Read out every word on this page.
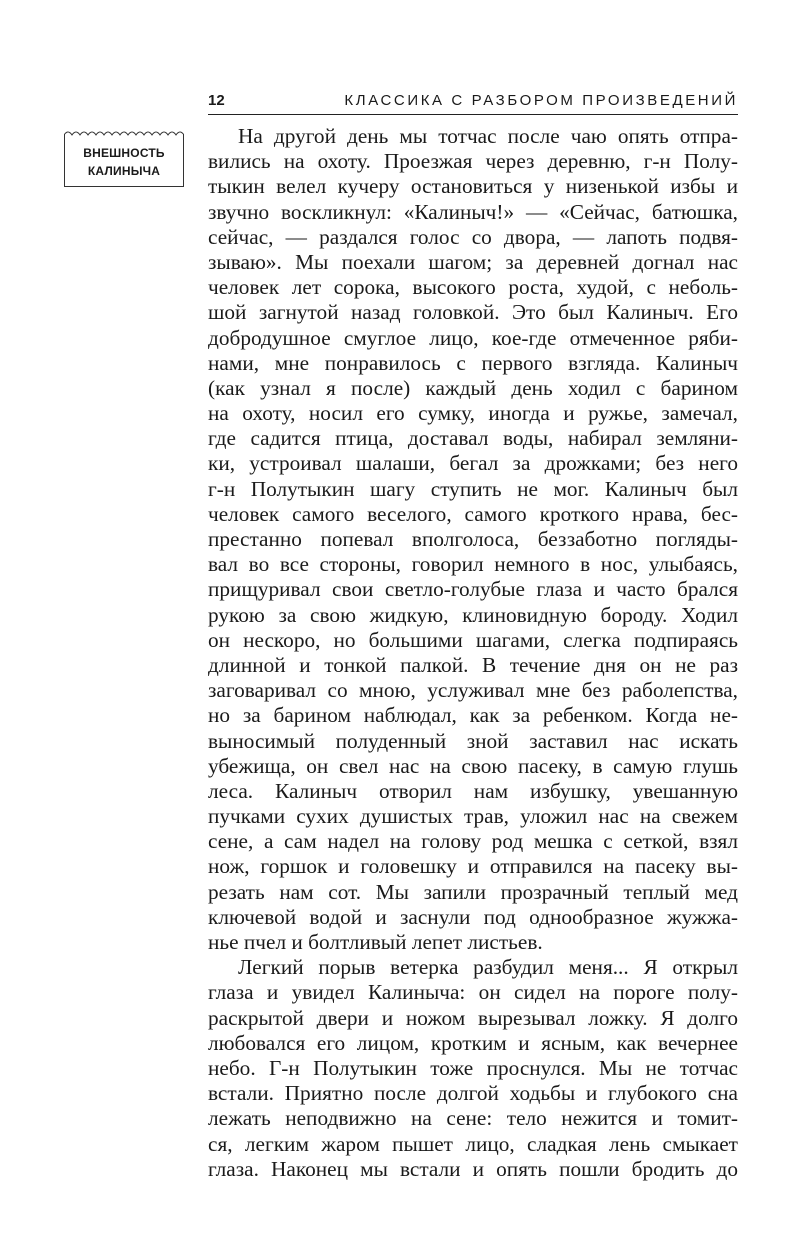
12	КЛАССИКА С РАЗБОРОМ ПРОИЗВЕДЕНИЙ
ВНЕШНОСТЬ
КАЛИНЫЧА

На другой день мы тотчас после чаю опять отпра-
вились на охоту. Проезжая через деревню, г-н Полу-
тыкин велел кучеру остановиться у низенькой избы и
звучно воскликнул: «Калиныч!» — «Сейчас, батюшка,
сейчас, — раздался голос со двора, — лапоть подвя-
зываю». Мы поехали шагом; за деревней догнал нас
человек лет сорока, высокого роста, худой, с неболь-
шой загнутой назад головкой. Это был Калиныч. Его
добродушное смуглое лицо, кое-где отмеченное ряби-
нами, мне понравилось с первого взгляда. Калиныч
(как узнал я после) каждый день ходил с барином
на охоту, носил его сумку, иногда и ружье, замечал,
где садится птица, доставал воды, набирал земляни-
ки, устроивал шалаши, бегал за дрожками; без него
г-н Полутыкин шагу ступить не мог. Калиныч был
человек самого веселого, самого кроткого нрава, бес-
престанно попевал вполголоса, беззаботно погляды-
вал во все стороны, говорил немного в нос, улыбаясь,
прищуривал свои светло-голубые глаза и часто брался
рукою за свою жидкую, клиновидную бороду. Ходил
он нескоро, но большими шагами, слегка подпираясь
длинной и тонкой палкой. В течение дня он не раз
заговаривал со мною, услуживал мне без раболепства,
но за барином наблюдал, как за ребенком. Когда не-
выносимый полуденный зной заставил нас искать
убежища, он свел нас на свою пасеку, в самую глушь
леса. Калиныч отворил нам избушку, увешанную
пучками сухих душистых трав, уложил нас на свежем
сене, а сам надел на голову род мешка с сеткой, взял
нож, горшок и головешку и отправился на пасеку вы-
резать нам сот. Мы запили прозрачный теплый мед
ключевой водой и заснули под однообразное жужжа-
нье пчел и болтливый лепет листьев.

Легкий порыв ветерка разбудил меня... Я открыл
глаза и увидел Калиныча: он сидел на пороге полу-
раскрытой двери и ножом вырезывал ложку. Я долго
любовался его лицом, кротким и ясным, как вечернее
небо. Г-н Полутыкин тоже проснулся. Мы не тотчас
встали. Приятно после долгой ходьбы и глубокого сна
лежать неподвижно на сене: тело нежится и томит-
ся, легким жаром пышет лицо, сладкая лень смыкает
глаза. Наконец мы встали и опять пошли бродить до
